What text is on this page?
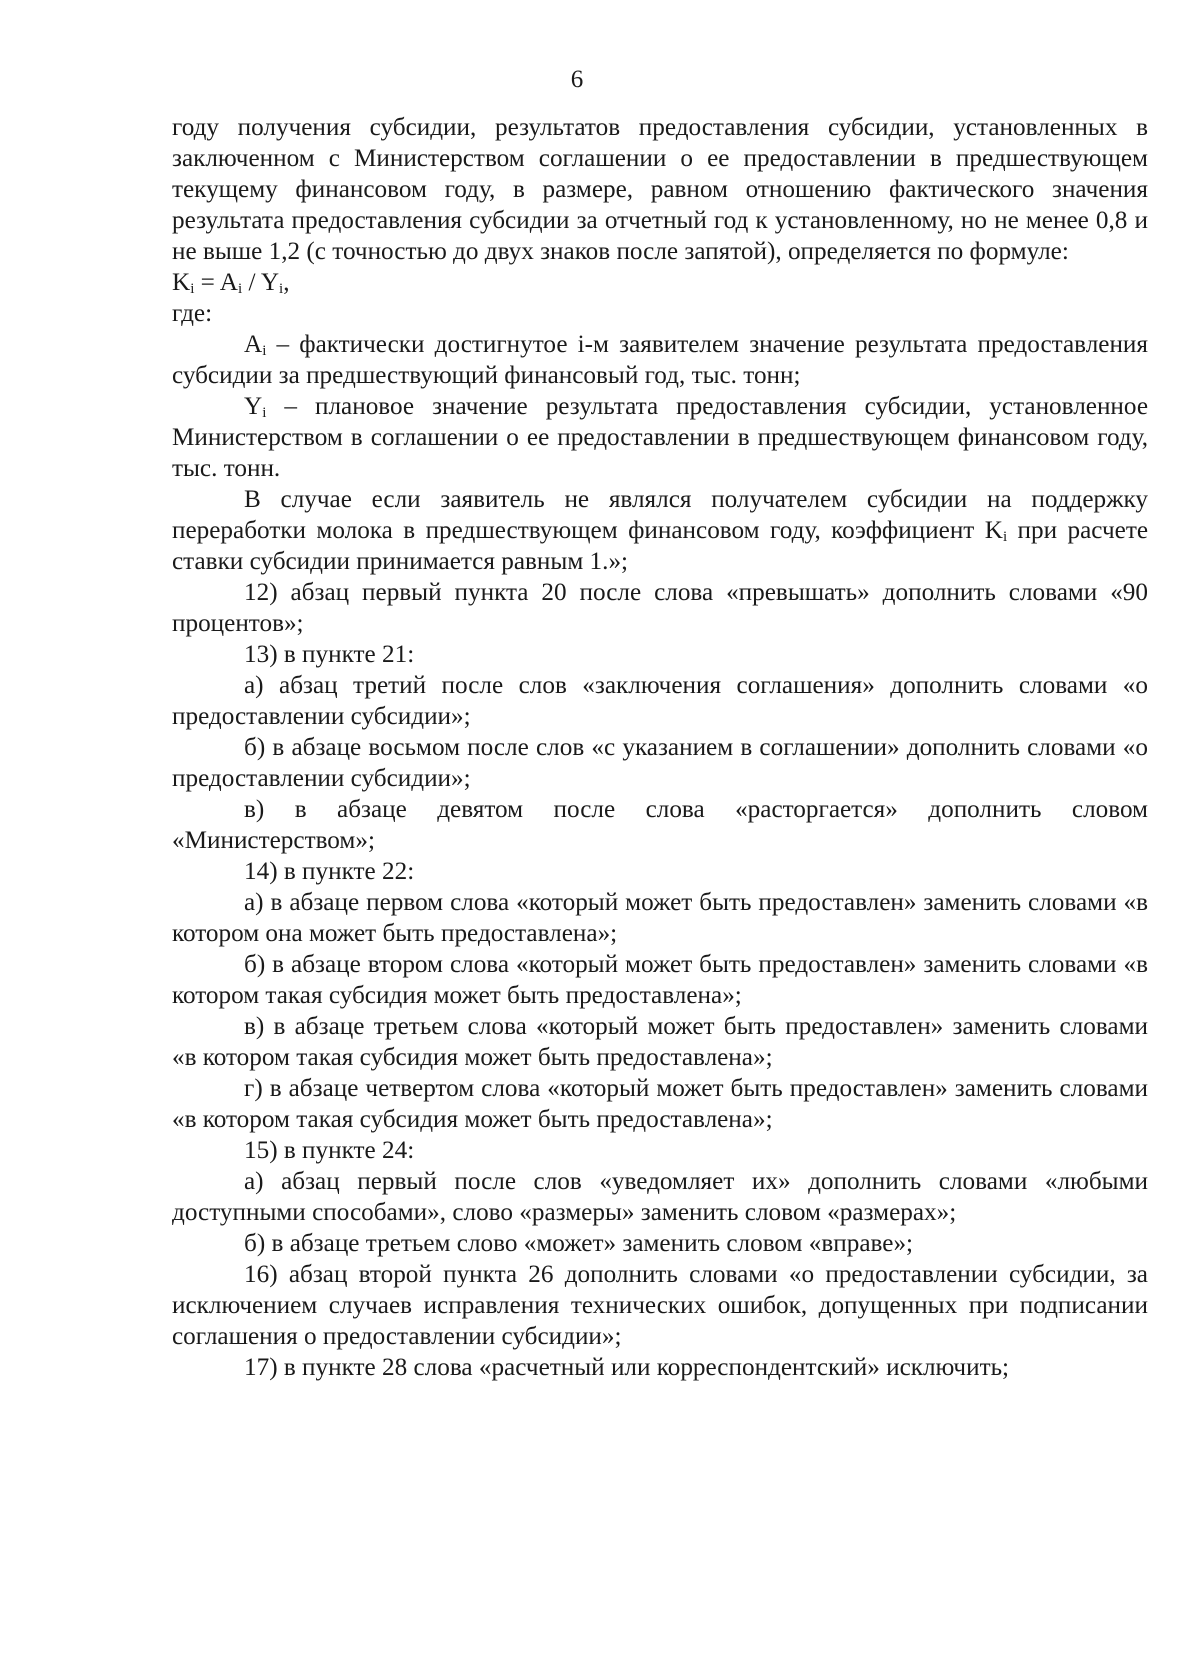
6

году получения субсидии, результатов предоставления субсидии, установленных в заключенном с Министерством соглашении о ее предоставлении в предшествующем текущему финансовом году, в размере, равном отношению фактического значения результата предоставления субсидии за отчетный год к установленному, но не менее 0,8 и не выше 1,2 (с точностью до двух знаков после запятой), определяется по формуле:

$K_i = A_i / Y_i$,

где:

$A_i$ – фактически достигнутое i-м заявителем значение результата предоставления субсидии за предшествующий финансовый год, тыс. тонн;

$Y_i$ – плановое значение результата предоставления субсидии, установленное Министерством в соглашении о ее предоставлении в предшествующем финансовом году, тыс. тонн.

В случае если заявитель не являлся получателем субсидии на поддержку переработки молока в предшествующем финансовом году, коэффициент $K_i$ при расчете ставки субсидии принимается равным 1.»;

12) абзац первый пункта 20 после слова «превышать» дополнить словами «90 процентов»;

13) в пункте 21:

а) абзац третий после слов «заключения соглашения» дополнить словами «о предоставлении субсидии»;

б) в абзаце восьмом после слов «с указанием в соглашении» дополнить словами «о предоставлении субсидии»;

в) в абзаце девятом после слова «расторгается» дополнить словом «Министерством»;

14) в пункте 22:

а) в абзаце первом слова «который может быть предоставлен» заменить словами «в котором она может быть предоставлена»;

б) в абзаце втором слова «который может быть предоставлен» заменить словами «в котором такая субсидия может быть предоставлена»;

в) в абзаце третьем слова «который может быть предоставлен» заменить словами «в котором такая субсидия может быть предоставлена»;

г) в абзаце четвертом слова «который может быть предоставлен» заменить словами «в котором такая субсидия может быть предоставлена»;

15) в пункте 24:

а) абзац первый после слов «уведомляет их» дополнить словами «любыми доступными способами», слово «размеры» заменить словом «размерах»;

б) в абзаце третьем слово «может» заменить словом «вправе»;

16) абзац второй пункта 26 дополнить словами «о предоставлении субсидии, за исключением случаев исправления технических ошибок, допущенных при подписании соглашения о предоставлении субсидии»;

17) в пункте 28 слова «расчетный или корреспондентский» исключить;
